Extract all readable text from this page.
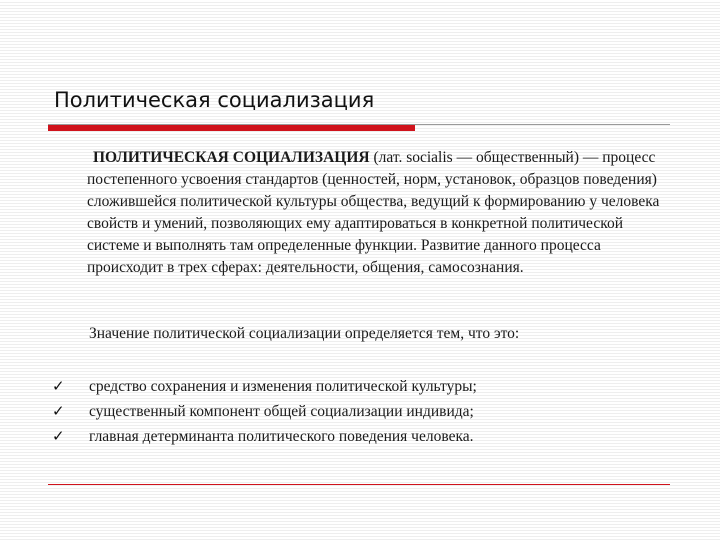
Политическая социализация

ПОЛИТИЧЕСКАЯ СОЦИАЛИЗАЦИЯ (лат. socialis — общественный) — процесс постепенного усвоения стандартов (ценностей, норм, установок, образцов поведения) сложившейся политической культуры общества, ведущий к формированию у человека свойств и умений, позволяющих ему адаптироваться в конкретной политической системе и выполнять там определенные функции. Развитие данного процесса происходит в трех сферах: деятельности, общения, самосознания.

Значение политической социализации определяется тем, что это:

✓ средство сохранения и изменения политической культуры;
✓ существенный компонент общей социализации индивида;
✓ главная детерминанта политического поведения человека.
